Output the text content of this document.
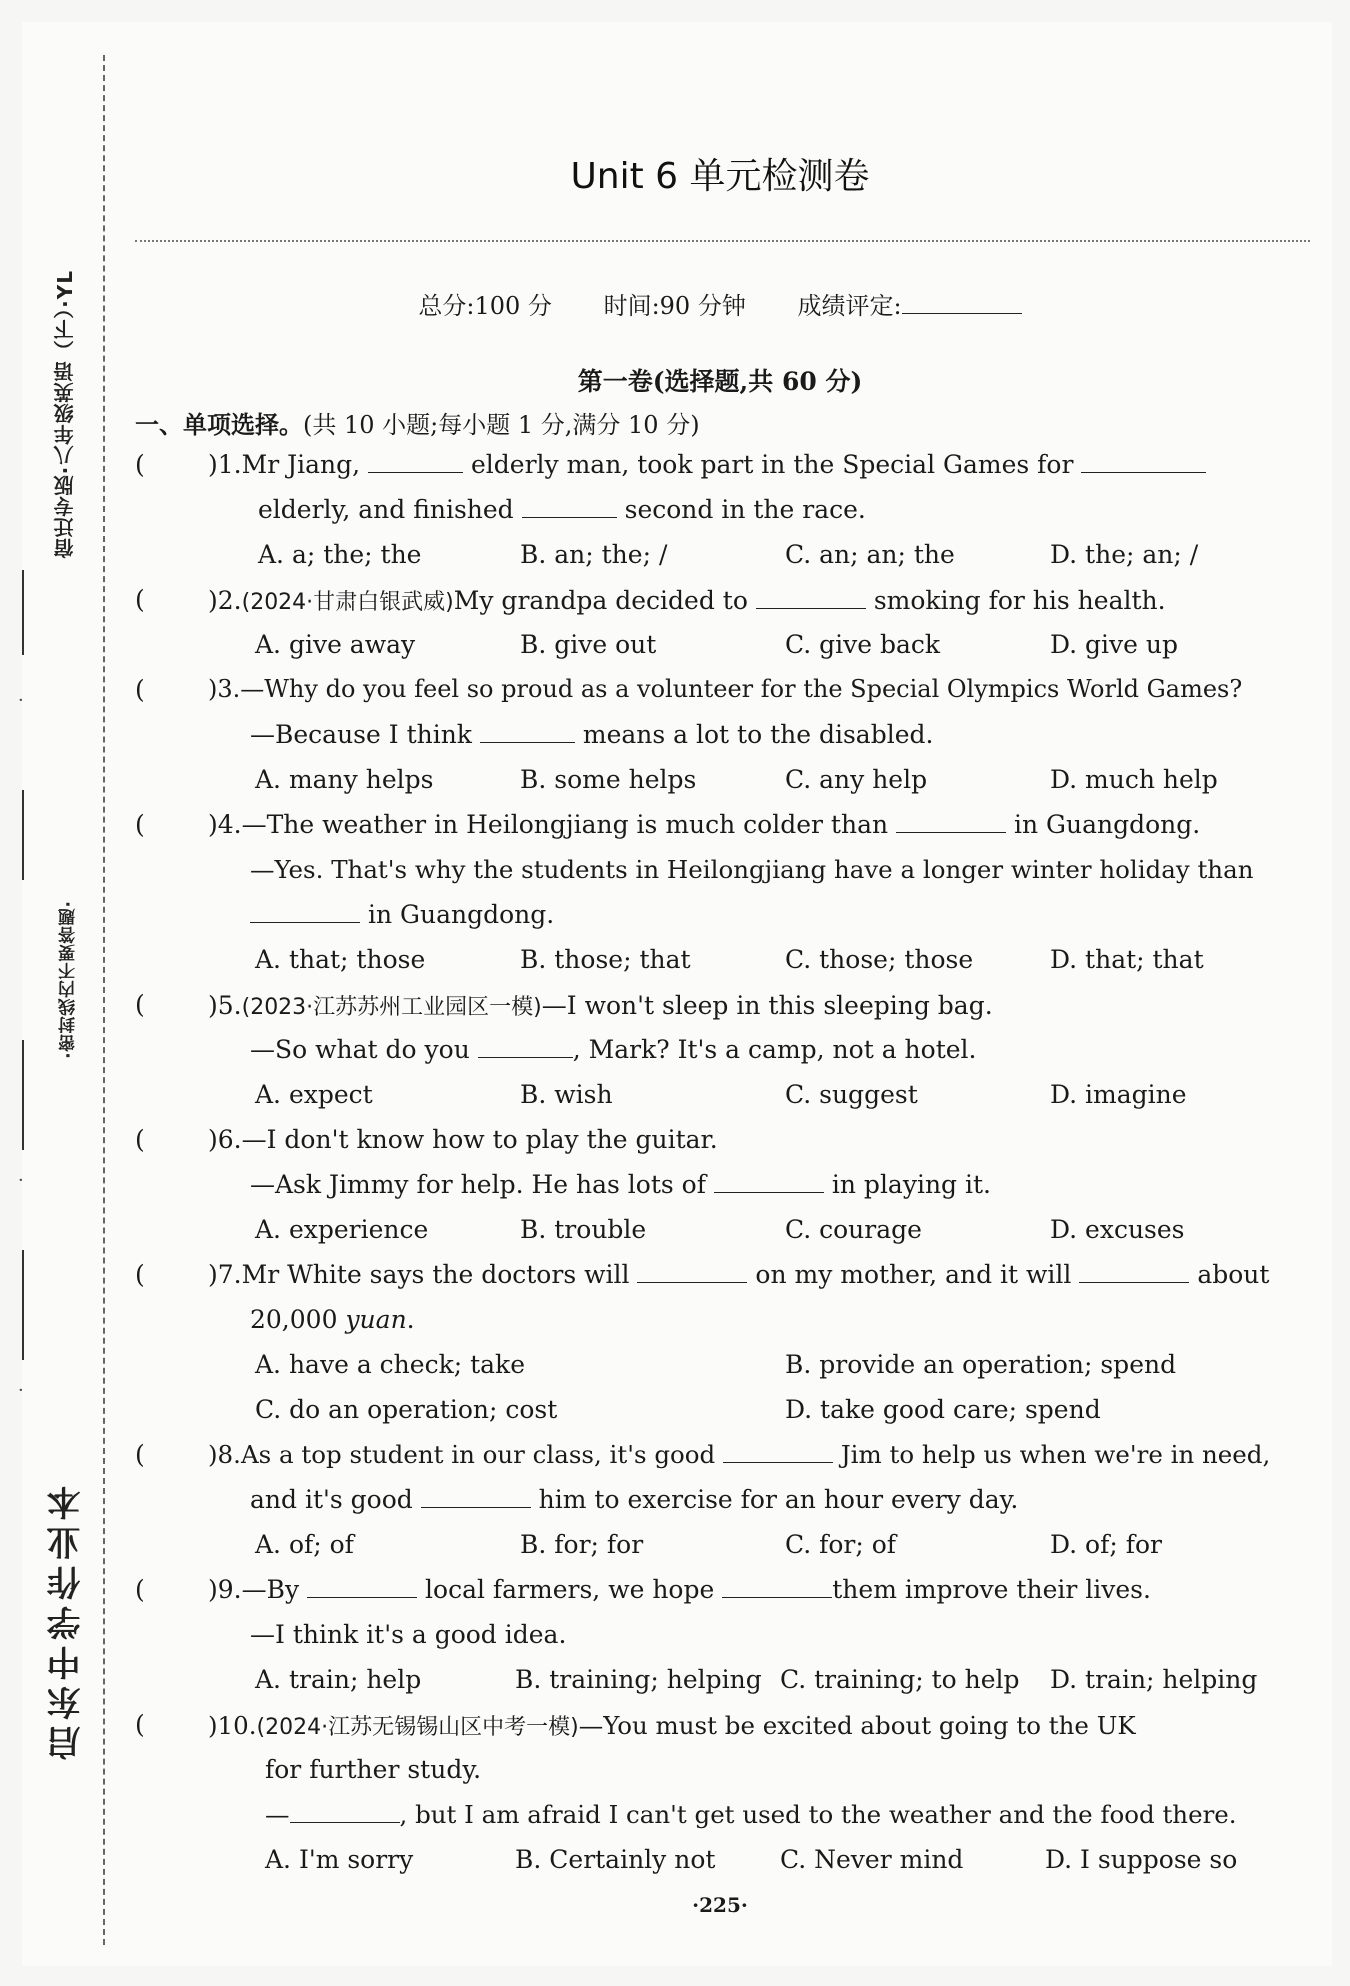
·
·
·
宿迁专版·八年级英语（下）·YL
·密封线内不要答题·
启东中学作业本
Unit 6 单元检测卷
总分:100 分 时间:90 分钟 成绩评定:
第一卷(选择题,共 60 分)
一、单项选择。(共 10 小题;每小题 1 分,满分 10 分)
(	)1.Mr Jiang,	elderly man, took part in the Special Games for
elderly, and finished	second in the race.
A. a; the; the	B. an; the; /	C. an; an; the	D. the; an; /
(	)2.(2024·甘肃白银武威)My grandpa decided to	smoking for his health.
A. give away	B. give out	C. give back	D. give up
(	)3.—Why do you feel so proud as a volunteer for the Special Olympics World Games?
—Because I think	means a lot to the disabled.
A. many helps	B. some helps	C. any help	D. much help
(	)4.—The weather in Heilongjiang is much colder than	in Guangdong.
—Yes. That's why the students in Heilongjiang have a longer winter holiday than
in Guangdong.
A. that; those	B. those; that	C. those; those	D. that; that
(	)5.(2023·江苏苏州工业园区一模)—I won't sleep in this sleeping bag.
—So what do you	, Mark? It's a camp, not a hotel.
A. expect	B. wish	C. suggest	D. imagine
(	)6.—I don't know how to play the guitar.
—Ask Jimmy for help. He has lots of	in playing it.
A. experience	B. trouble	C. courage	D. excuses
(	)7.Mr White says the doctors will	on my mother, and it will	about
20,000 yuan.
A. have a check; take	B. provide an operation; spend
C. do an operation; cost	D. take good care; spend
(	)8.As a top student in our class, it's good	Jim to help us when we're in need,
and it's good	him to exercise for an hour every day.
A. of; of	B. for; for	C. for; of	D. of; for
(	)9.—By	local farmers, we hope	them improve their lives.
—I think it's a good idea.
A. train; help	B. training; helping C. training; to help D. train; helping
(	)10.(2024·江苏无锡锡山区中考一模)—You must be excited about going to the UK
for further study.
—	, but I am afraid I can't get used to the weather and the food there.
A. I'm sorry	B. Certainly not	C. Never mind	D. I suppose so
·225·
